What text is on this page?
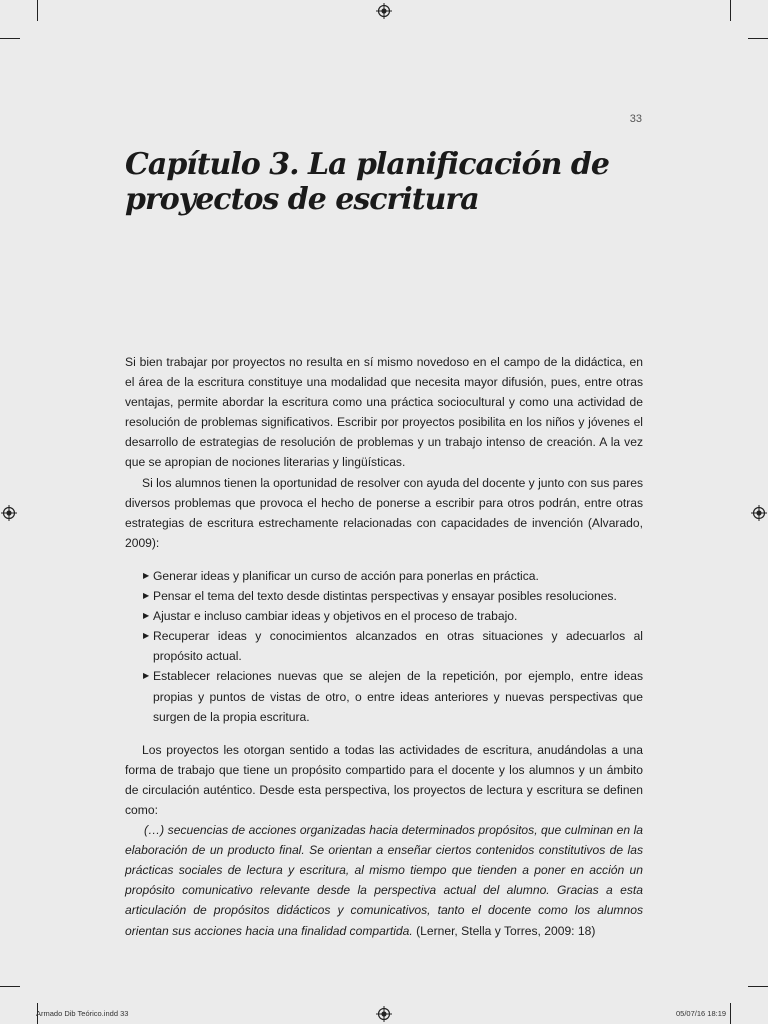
33
Capítulo 3. La planificación de proyectos de escritura

Si bien trabajar por proyectos no resulta en sí mismo novedoso en el campo de la didáctica, en el área de la escritura constituye una modalidad que necesita mayor difusión, pues, entre otras ventajas, permite abordar la escritura como una práctica sociocultural y como una actividad de resolución de problemas significativos. Escribir por proyectos posibilita en los niños y jóvenes el desarrollo de estrategias de resolución de problemas y un trabajo intenso de creación. A la vez que se apropian de nociones literarias y lingüísticas.

Si los alumnos tienen la oportunidad de resolver con ayuda del docente y junto con sus pares diversos problemas que provoca el hecho de ponerse a escribir para otros podrán, entre otras estrategias de escritura estrechamente relacionadas con capacidades de invención (Alvarado, 2009):

▶ Generar ideas y planificar un curso de acción para ponerlas en práctica.
▶ Pensar el tema del texto desde distintas perspectivas y ensayar posibles resoluciones.
▶ Ajustar e incluso cambiar ideas y objetivos en el proceso de trabajo.
▶ Recuperar ideas y conocimientos alcanzados en otras situaciones y adecuarlos al propósito actual.
▶ Establecer relaciones nuevas que se alejen de la repetición, por ejemplo, entre ideas propias y puntos de vistas de otro, o entre ideas anteriores y nuevas perspectivas que surgen de la propia escritura.

Los proyectos les otorgan sentido a todas las actividades de escritura, anudándolas a una forma de trabajo que tiene un propósito compartido para el docente y los alumnos y un ámbito de circulación auténtico. Desde esta perspectiva, los proyectos de lectura y escritura se definen como:

(…) secuencias de acciones organizadas hacia determinados propósitos, que culminan en la elaboración de un producto final. Se orientan a enseñar ciertos contenidos constitutivos de las prácticas sociales de lectura y escritura, al mismo tiempo que tienden a poner en acción un propósito comunicativo relevante desde la perspectiva actual del alumno. Gracias a esta articulación de propósitos didácticos y comunicativos, tanto el docente como los alumnos orientan sus acciones hacia una finalidad compartida. (Lerner, Stella y Torres, 2009: 18)

Armado Dib Teórico.indd 33	05/07/16 18:19
